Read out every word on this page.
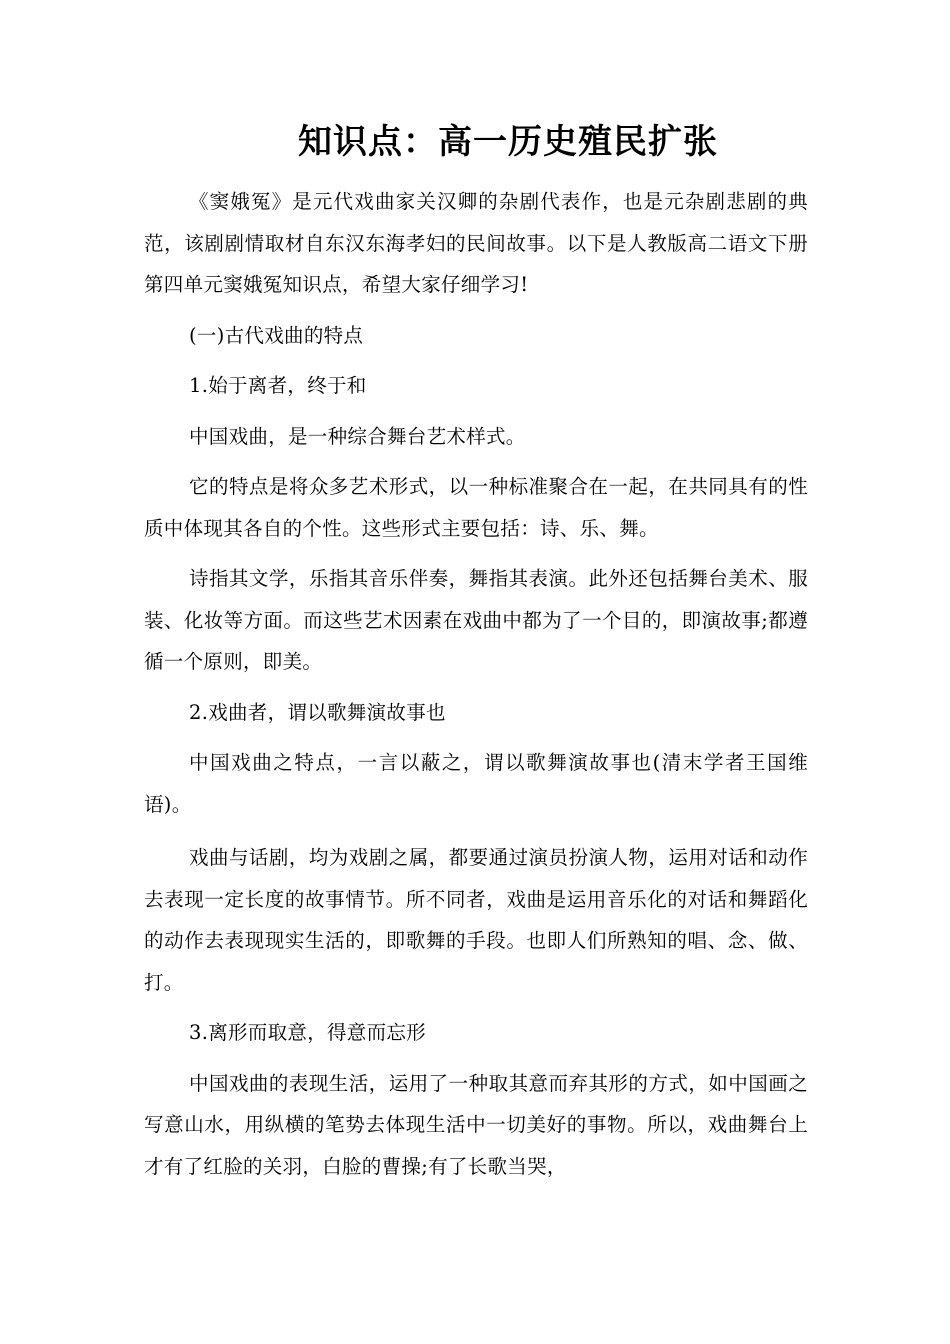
知识点：高一历史殖民扩张

《窦娥冤》是元代戏曲家关汉卿的杂剧代表作，也是元杂剧悲剧的典范，该剧剧情取材自东汉东海孝妇的民间故事。以下是人教版高二语文下册第四单元窦娥冤知识点，希望大家仔细学习!

(一)古代戏曲的特点

1.始于离者，终于和

中国戏曲，是一种综合舞台艺术样式。

它的特点是将众多艺术形式，以一种标准聚合在一起，在共同具有的性质中体现其各自的个性。这些形式主要包括：诗、乐、舞。

诗指其文学，乐指其音乐伴奏，舞指其表演。此外还包括舞台美术、服装、化妆等方面。而这些艺术因素在戏曲中都为了一个目的，即演故事;都遵循一个原则，即美。

2.戏曲者，谓以歌舞演故事也

中国戏曲之特点，一言以蔽之，谓以歌舞演故事也(清末学者王国维语)。

戏曲与话剧，均为戏剧之属，都要通过演员扮演人物，运用对话和动作去表现一定长度的故事情节。所不同者，戏曲是运用音乐化的对话和舞蹈化的动作去表现现实生活的，即歌舞的手段。也即人们所熟知的唱、念、做、打。

3.离形而取意，得意而忘形

中国戏曲的表现生活，运用了一种取其意而弃其形的方式，如中国画之写意山水，用纵横的笔势去体现生活中一切美好的事物。所以，戏曲舞台上才有了红脸的关羽，白脸的曹操;有了长歌当哭，
